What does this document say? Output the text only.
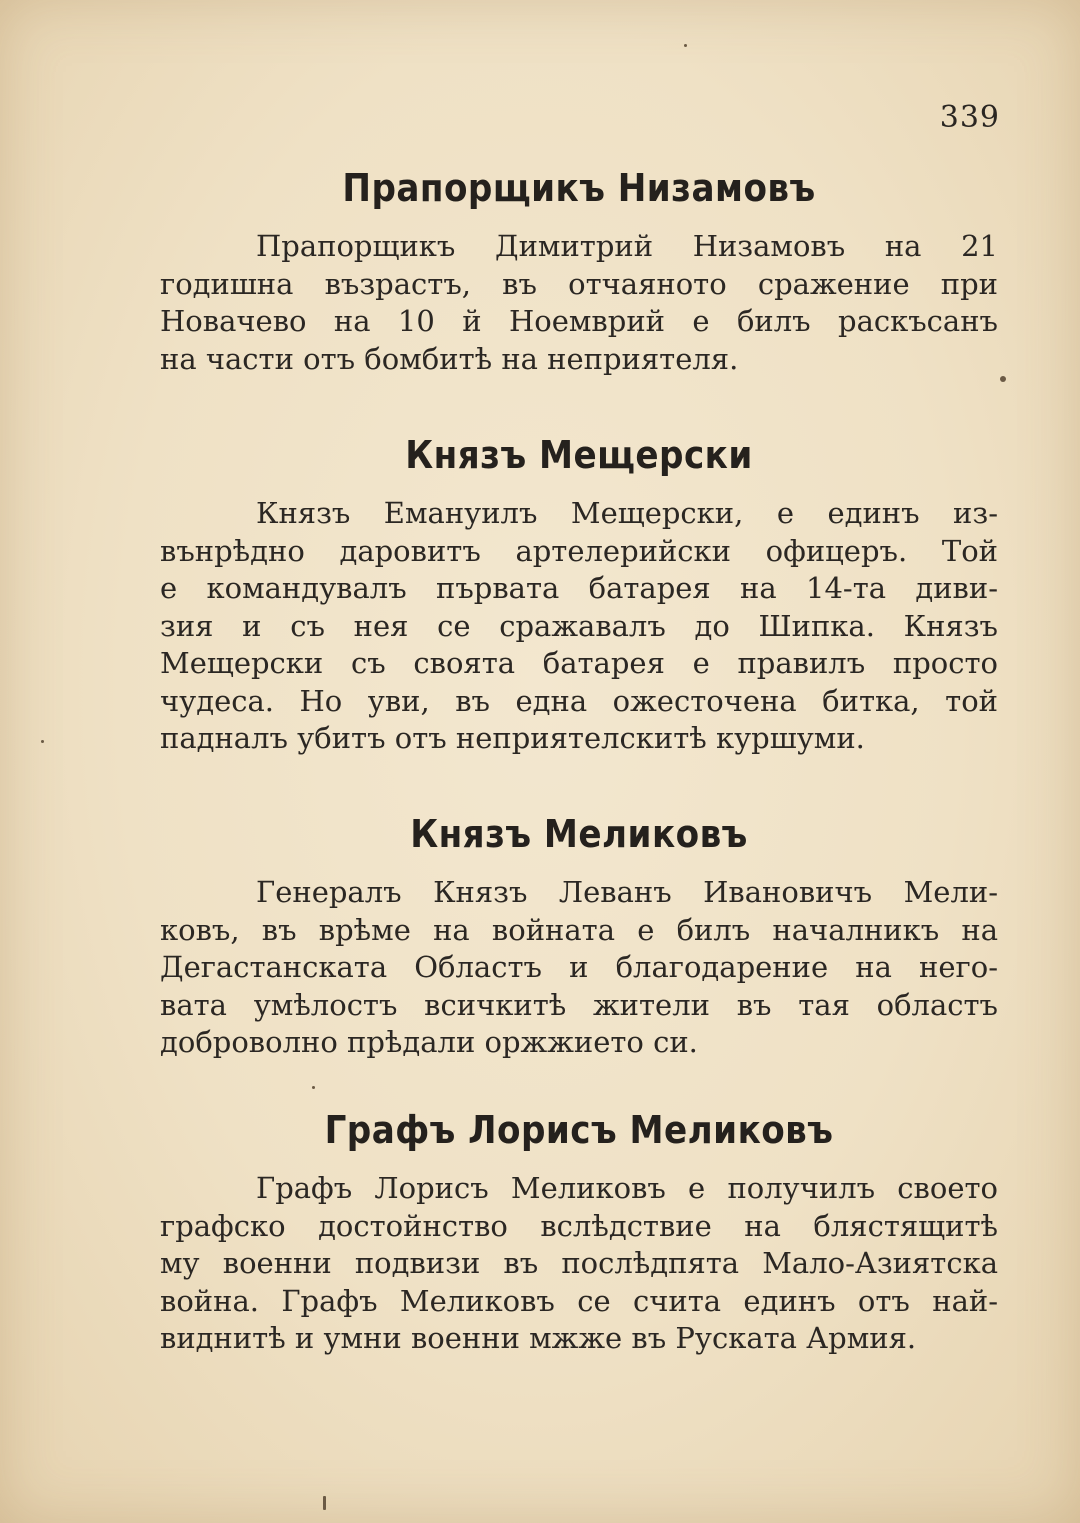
339
Прапорщикъ Низамовъ

Прапорщикъ Димитрий Низамовъ на 21
годишна възрастъ, въ отчаяното сражение при
Новачево на 10 й Ноемврий е билъ раскъсанъ
на части отъ бомбитѣ на неприятеля.

Князъ Мещерски

Князъ Емануилъ Мещерски, е единъ из-
вънрѣдно даровитъ артелерийски офицеръ. Той
е командувалъ първата батарея на 14-та диви-
зия и съ нея се сражавалъ до Шипка. Князъ
Мещерски съ своята батарея е правилъ просто
чудеса. Но уви, въ една ожесточена битка, той
падналъ убитъ отъ неприятелскитѣ куршуми.

Князъ Меликовъ

Генералъ Князъ Леванъ Ивановичъ Мели-
ковъ, въ врѣме на войната е билъ началникъ на
Дегастанската Областъ и благодарение на него-
вата умѣлостъ всичкитѣ жители въ тая областъ
доброволно прѣдали оржжието си.

Графъ Лорисъ Меликовъ

Графъ Лорисъ Меликовъ е получилъ своето
графско достойнство вслѣдствие на блястящитѣ
му военни подвизи въ послѣдпята Мало-Азиятска
война. Графъ Меликовъ се счита единъ отъ най-
виднитѣ и умни военни мжже въ Руската Армия.
